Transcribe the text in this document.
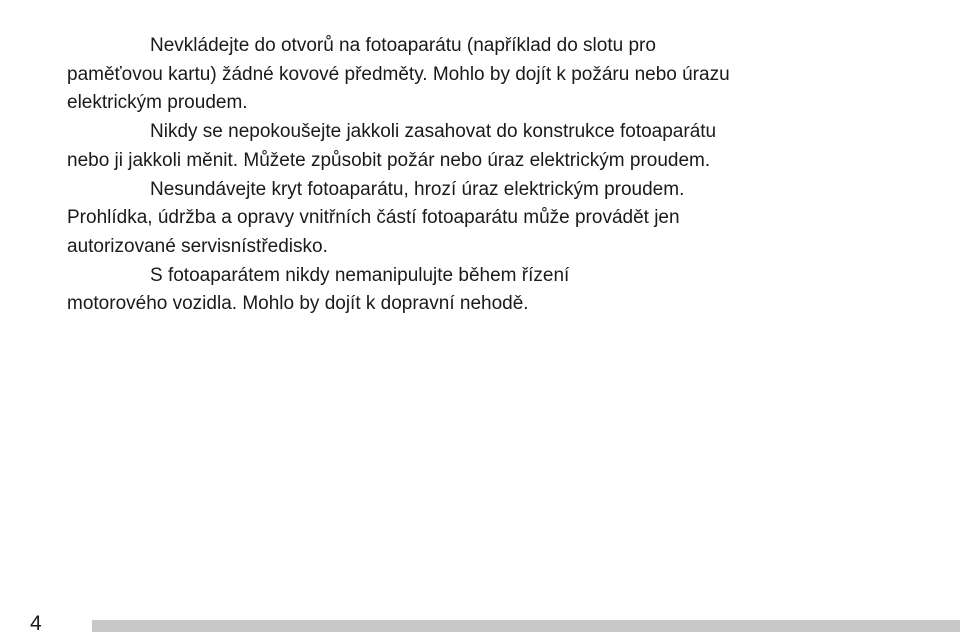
Nevkládejte do otvorů na fotoaparátu (například do slotu pro
paměťovou kartu) žádné kovové předměty. Mohlo by dojít k požáru nebo úrazu
elektrickým proudem.

Nikdy se nepokoušejte jakkoli zasahovat do konstrukce fotoaparátu
nebo ji jakkoli měnit. Můžete způsobit požár nebo úraz elektrickým proudem.

Nesundávejte kryt fotoaparátu, hrozí úraz elektrickým proudem.
Prohlídka, údržba a opravy vnitřních částí fotoaparátu může provádět jen
autorizované servisnístředisko.

S fotoaparátem nikdy nemanipulujte během řízení
motorového vozidla. Mohlo by dojít k dopravní nehodě.

4
